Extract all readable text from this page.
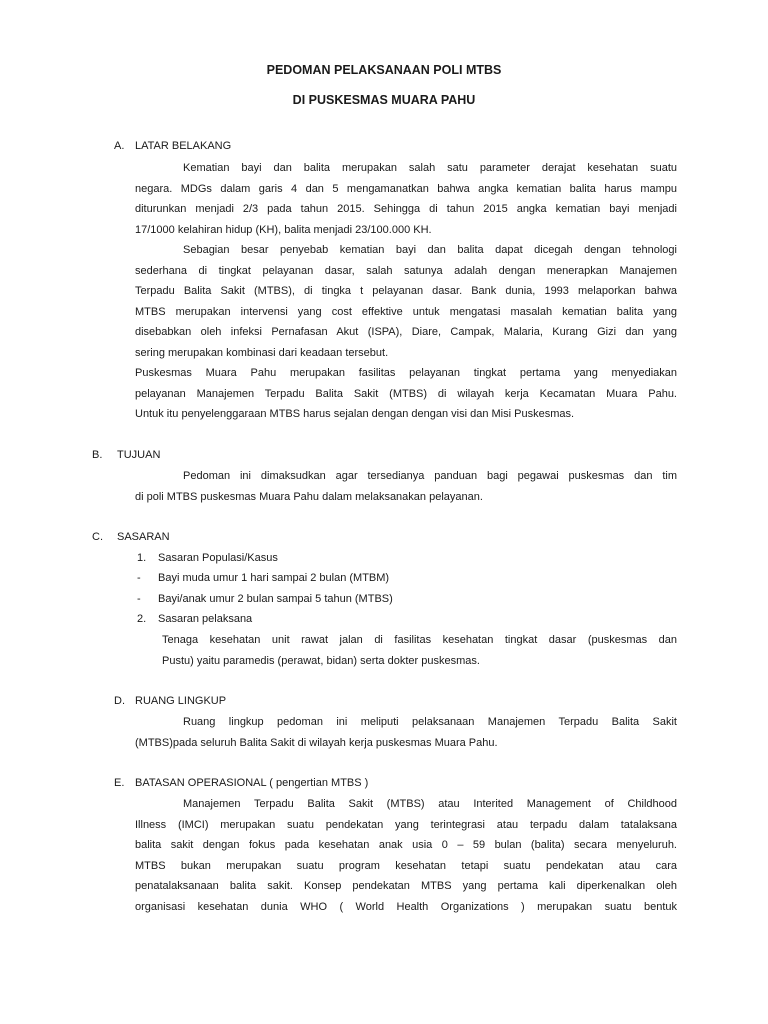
PEDOMAN PELAKSANAAN POLI MTBS
DI PUSKESMAS MUARA PAHU
A. LATAR BELAKANG
Kematian bayi dan balita merupakan salah satu parameter derajat kesehatan suatu
negara. MDGs dalam garis 4 dan 5 mengamanatkan bahwa angka kematian balita harus mampu
diturunkan menjadi 2/3 pada tahun 2015. Sehingga di tahun 2015 angka kematian bayi menjadi
17/1000 kelahiran hidup (KH), balita menjadi 23/100.000 KH.
Sebagian besar penyebab kematian bayi dan balita dapat dicegah dengan tehnologi
sederhana di tingkat pelayanan dasar, salah satunya adalah dengan menerapkan Manajemen
Terpadu Balita Sakit (MTBS), di tingka t pelayanan dasar. Bank dunia, 1993 melaporkan bahwa
MTBS merupakan intervensi yang cost effektive untuk mengatasi masalah kematian balita yang
disebabkan oleh infeksi Pernafasan Akut (ISPA), Diare, Campak, Malaria, Kurang Gizi dan yang
sering merupakan kombinasi dari keadaan tersebut.
Puskesmas Muara Pahu merupakan fasilitas pelayanan tingkat pertama yang menyediakan
pelayanan Manajemen Terpadu Balita Sakit (MTBS) di wilayah kerja Kecamatan Muara Pahu.
Untuk itu penyelenggaraan MTBS harus sejalan dengan dengan visi dan Misi Puskesmas.
B. TUJUAN
Pedoman ini dimaksudkan agar tersedianya panduan bagi pegawai puskesmas dan tim
di poli MTBS puskesmas Muara Pahu dalam melaksanakan pelayanan.
C. SASARAN
1. Sasaran Populasi/Kasus
- Bayi muda umur 1 hari sampai 2 bulan (MTBM)
- Bayi/anak umur 2 bulan sampai 5 tahun (MTBS)
2. Sasaran pelaksana
Tenaga kesehatan unit rawat jalan di fasilitas kesehatan tingkat dasar (puskesmas dan
Pustu) yaitu paramedis (perawat, bidan) serta dokter puskesmas.
D. RUANG LINGKUP
Ruang lingkup pedoman ini meliputi pelaksanaan Manajemen Terpadu Balita Sakit
(MTBS)pada seluruh Balita Sakit di wilayah kerja puskesmas Muara Pahu.
E. BATASAN OPERASIONAL ( pengertian MTBS )
Manajemen Terpadu Balita Sakit (MTBS) atau Interited Management of Childhood
Illness (IMCI) merupakan suatu pendekatan yang terintegrasi atau terpadu dalam tatalaksana
balita sakit dengan fokus pada kesehatan anak usia 0 – 59 bulan (balita) secara menyeluruh.
MTBS bukan merupakan suatu program kesehatan tetapi suatu pendekatan atau cara
penatalaksanaan balita sakit. Konsep pendekatan MTBS yang pertama kali diperkenalkan oleh
organisasi kesehatan dunia WHO ( World Health Organizations ) merupakan suatu bentuk
